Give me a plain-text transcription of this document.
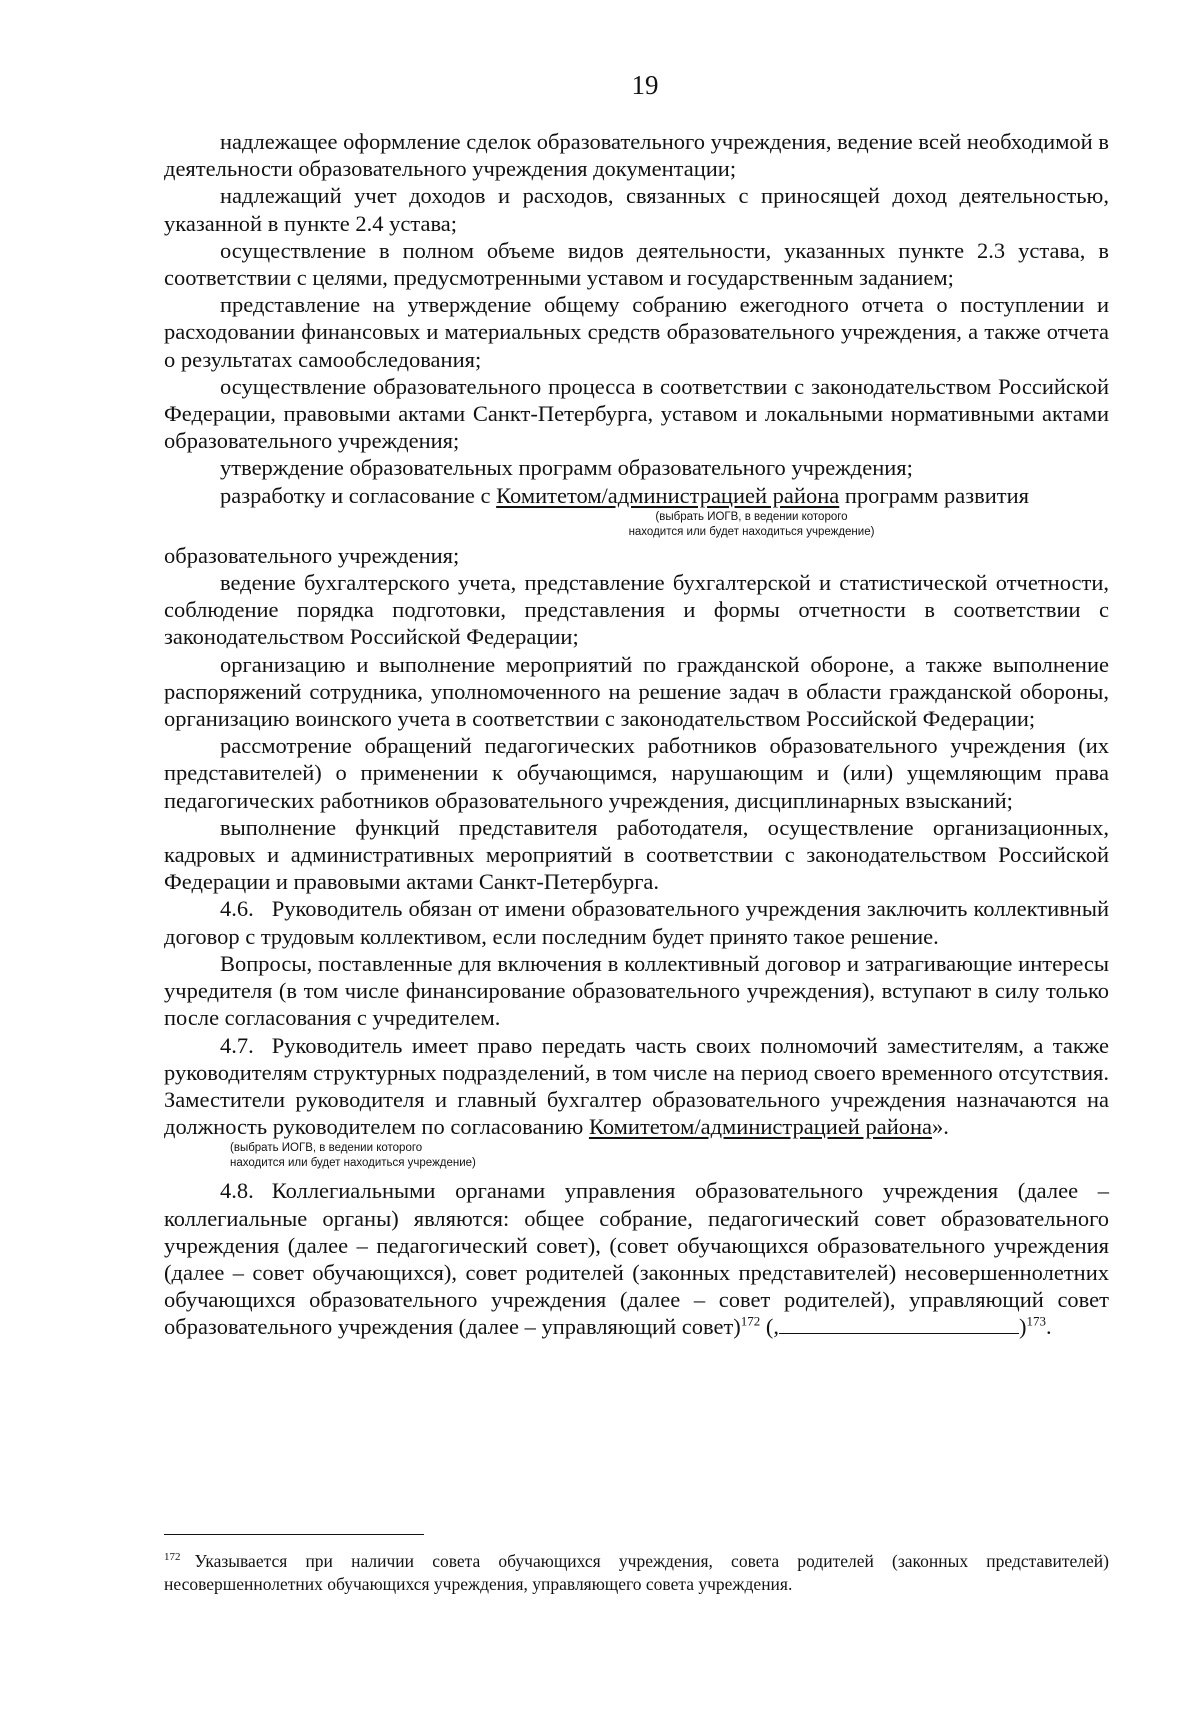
19

надлежащее оформление сделок образовательного учреждения, ведение всей необходимой в деятельности образовательного учреждения документации;

надлежащий учет доходов и расходов, связанных с приносящей доход деятельностью, указанной в пункте 2.4 устава;

осуществление в полном объеме видов деятельности, указанных пункте 2.3 устава, в соответствии с целями, предусмотренными уставом и государственным заданием;

представление на утверждение общему собранию ежегодного отчета о поступлении и расходовании финансовых и материальных средств образовательного учреждения, а также отчета о результатах самообследования;

осуществление образовательного процесса в соответствии с законодательством Российской Федерации, правовыми актами Санкт-Петербурга, уставом и локальными нормативными актами образовательного учреждения;

утверждение образовательных программ образовательного учреждения;

разработку и согласование с Комитетом/администрацией района программ развития

(выбрать ИОГВ, в ведении которого
находится или будет находиться учреждение)

образовательного учреждения;

ведение бухгалтерского учета, представление бухгалтерской и статистической отчетности, соблюдение порядка подготовки, представления и формы отчетности в соответствии с законодательством Российской Федерации;

организацию и выполнение мероприятий по гражданской обороне, а также выполнение распоряжений сотрудника, уполномоченного на решение задач в области гражданской обороны, организацию воинского учета в соответствии с законодательством Российской Федерации;

рассмотрение обращений педагогических работников образовательного учреждения (их представителей) о применении к обучающимся, нарушающим и (или) ущемляющим права педагогических работников образовательного учреждения, дисциплинарных взысканий;

выполнение функций представителя работодателя, осуществление организационных, кадровых и административных мероприятий в соответствии с законодательством Российской Федерации и правовыми актами Санкт-Петербурга.

4.6. Руководитель обязан от имени образовательного учреждения заключить коллективный договор с трудовым коллективом, если последним будет принято такое решение.

Вопросы, поставленные для включения в коллективный договор и затрагивающие интересы учредителя (в том числе финансирование образовательного учреждения), вступают в силу только после согласования с учредителем.

4.7. Руководитель имеет право передать часть своих полномочий заместителям, а также руководителям структурных подразделений, в том числе на период своего временного отсутствия. Заместители руководителя и главный бухгалтер образовательного учреждения назначаются на должность руководителем по согласованию Комитетом/администрацией района».

(выбрать ИОГВ, в ведении которого
находится или будет находиться учреждение)

4.8. Коллегиальными органами управления образовательного учреждения (далее – коллегиальные органы) являются: общее собрание, педагогический совет образовательного учреждения (далее – педагогический совет), (совет обучающихся образовательного учреждения (далее – совет обучающихся), совет родителей (законных представителей) несовершеннолетних обучающихся образовательного учреждения (далее – совет родителей), управляющий совет образовательного учреждения (далее – управляющий совет)$^{172}$ (,	)$^{173}$.

$^{172}$ Указывается при наличии совета обучающихся учреждения, совета родителей (законных представителей) несовершеннолетних обучающихся учреждения, управляющего совета учреждения.
